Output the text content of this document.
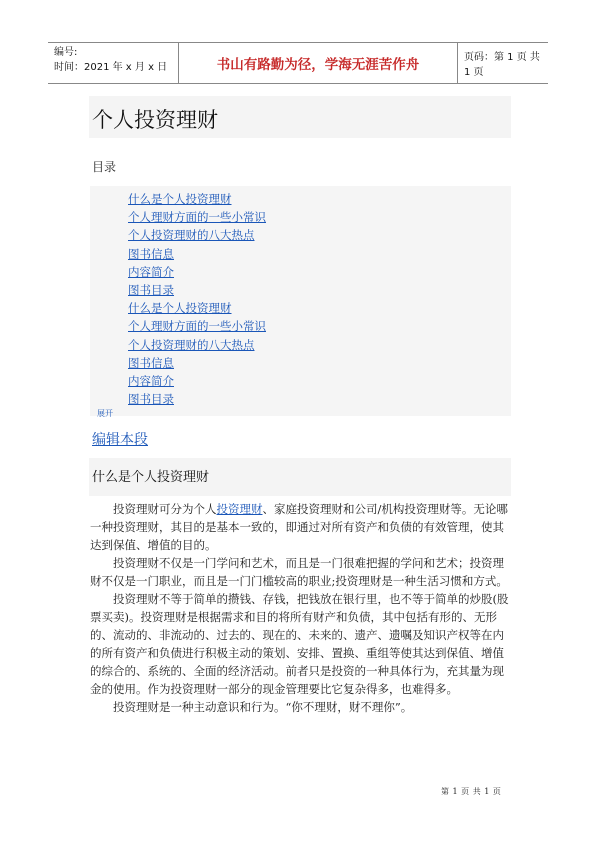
编号:
时间：2021 年 x 月 x 日	书山有路勤为径，学海无涯苦作舟	页码：第 1 页 共 1 页
个人投资理财
目录
什么是个人投资理财
个人理财方面的一些小常识
个人投资理财的八大热点
图书信息
内容简介
图书目录
什么是个人投资理财
个人理财方面的一些小常识
个人投资理财的八大热点
图书信息
内容简介
图书目录
展开
编辑本段
什么是个人投资理财

投资理财可分为个人投资理财、家庭投资理财和公司/机构投资理财等。无论哪一种投资理财，其目的是基本一致的，即通过对所有资产和负债的有效管理，使其达到保值、增值的目的。

投资理财不仅是一门学问和艺术，而且是一门很难把握的学问和艺术；投资理财不仅是一门职业，而且是一门门槛较高的职业;投资理财是一种生活习惯和方式。

投资理财不等于简单的攒钱、存钱，把钱放在银行里，也不等于简单的炒股(股票买卖)。投资理财是根据需求和目的将所有财产和负债，其中包括有形的、无形的、流动的、非流动的、过去的、现在的、未来的、遗产、遗嘱及知识产权等在内的所有资产和负债进行积极主动的策划、安排、置换、重组等使其达到保值、增值的综合的、系统的、全面的经济活动。前者只是投资的一种具体行为，充其量为现金的使用。作为投资理财一部分的现金管理要比它复杂得多，也难得多。

投资理财是一种主动意识和行为。“你不理财，财不理你”。

第 1 页 共 1 页
